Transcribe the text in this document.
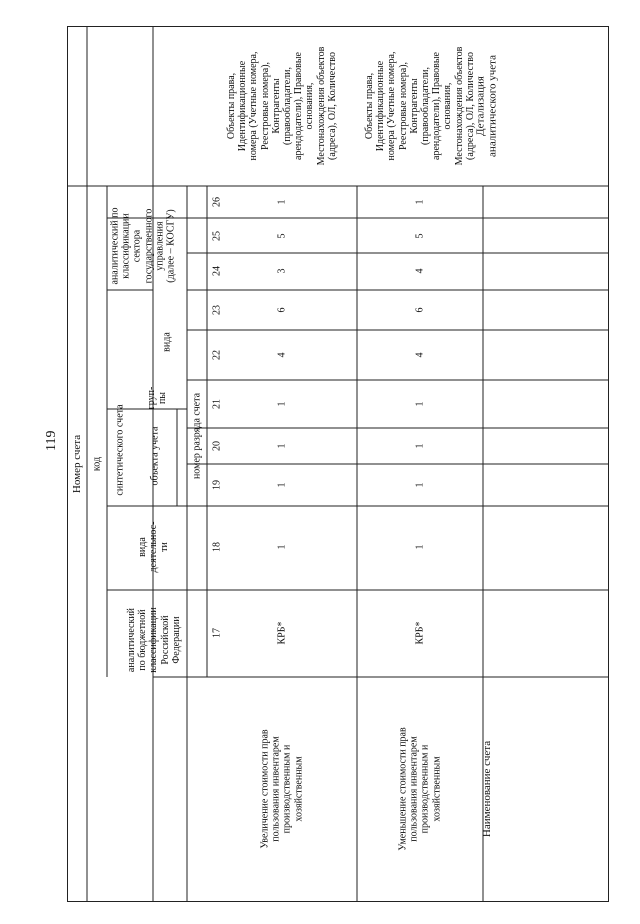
119 Номер счета код синтетического счета
аналитический по
классификации
сектора
государственного
управления
(далее – КОСГУ)
аналитический
по бюджетной
классификации
Российской
Федерации
вида
деятельнос-
ти
объекта учета
груп-
пы
вида
номер разряда счета
Наименование счета
Детализация
аналитического учета
17
18
19
20
21
22
23
24
25
26
Увеличение стоимости прав
пользования инвентарем
производственным и
хозяйственным
КРБ*
1
1
1
1
4
6
3
5
1
Объекты права,
Идентификационные
номера (Учетные номера,
Реестровые номера),
Контрагенты
(правообладатели,
арендодатели), Правовые
основания,
Местонахождения объектов
(адреса), ОЛ, Количество
Уменьшение стоимости прав
пользования инвентарем
производственным и
хозяйственным
КРБ*
1
1
1
1
4
6
4
5
1
Объекты права,
Идентификационные
номера (Учетные номера,
Реестровые номера),
Контрагенты
(правообладатели,
арендодатели), Правовые
основания,
Местонахождения объектов
(адреса), ОЛ, Количество
